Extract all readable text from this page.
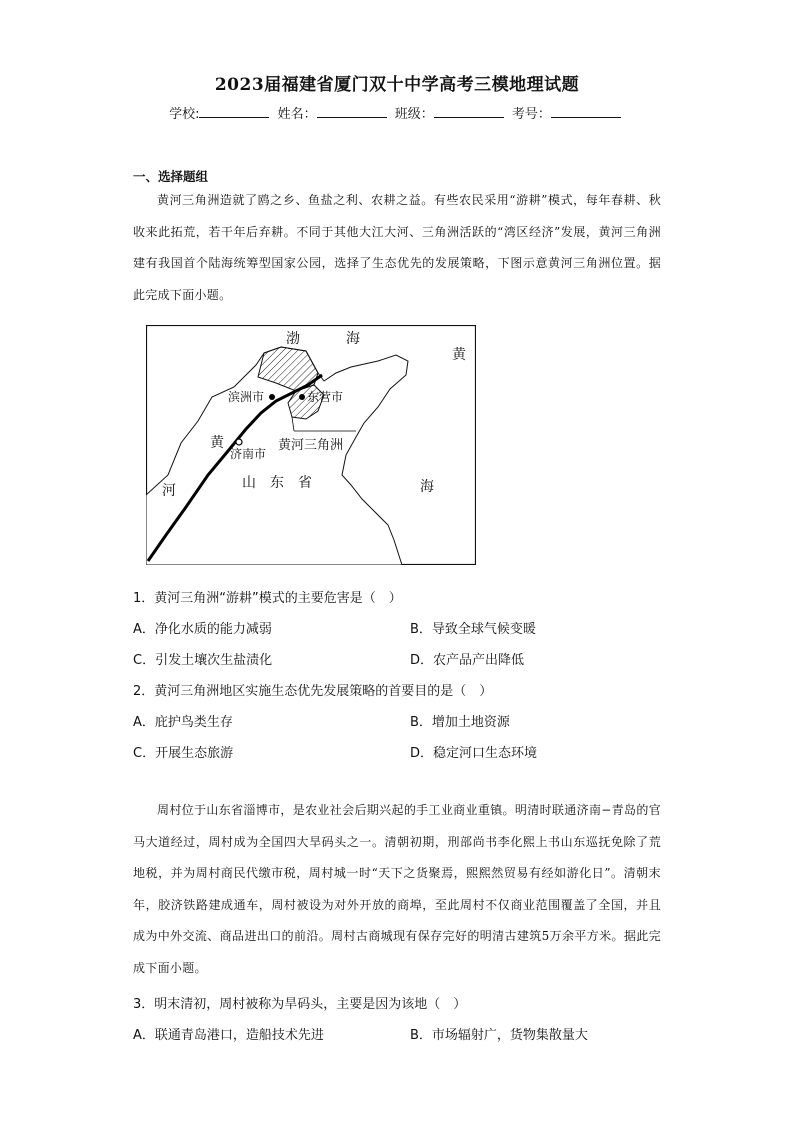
2023届福建省厦门双十中学高考三模地理试题
学校:	姓名：	班级：	考号：
一、选择题组
黄河三角洲造就了鸥之乡、鱼盐之利、农耕之益。有些农民采用“游耕”模式，每年春耕、秋收来此拓荒，若干年后弃耕。不同于其他大江大河、三角洲活跃的“湾区经济”发展，黄河三角洲建有我国首个陆海统筹型国家公园，选择了生态优先的发展策略，下图示意黄河三角洲位置。据此完成下面小题。
渤	海
黄
海
黄
河	山　东　省
滨洲市	东营市
济南市
黄河三角洲
1．黄河三角洲“游耕”模式的主要危害是（　）
A．净化水质的能力减弱	B．导致全球气候变暖
C．引发土壤次生盐渍化	D．农产品产出降低
2．黄河三角洲地区实施生态优先发展策略的首要目的是（　）
A．庇护鸟类生存	B．增加土地资源
C．开展生态旅游	D．稳定河口生态环境
周村位于山东省淄博市，是农业社会后期兴起的手工业商业重镇。明清时联通济南−青岛的官马大道经过，周村成为全国四大旱码头之一。清朝初期，刑部尚书李化熙上书山东巡抚免除了荒地税，并为周村商民代缴市税，周村城一时“天下之货聚焉，熙熙然贸易有经如游化日”。清朝末年，胶济铁路建成通车，周村被设为对外开放的商埠，至此周村不仅商业范围覆盖了全国，并且成为中外交流、商品进出口的前沿。周村古商城现有保存完好的明清古建筑5万余平方米。据此完成下面小题。
3．明末清初，周村被称为旱码头，主要是因为该地（　）
A．联通青岛港口，造船技术先进	B．市场辐射广，货物集散量大
